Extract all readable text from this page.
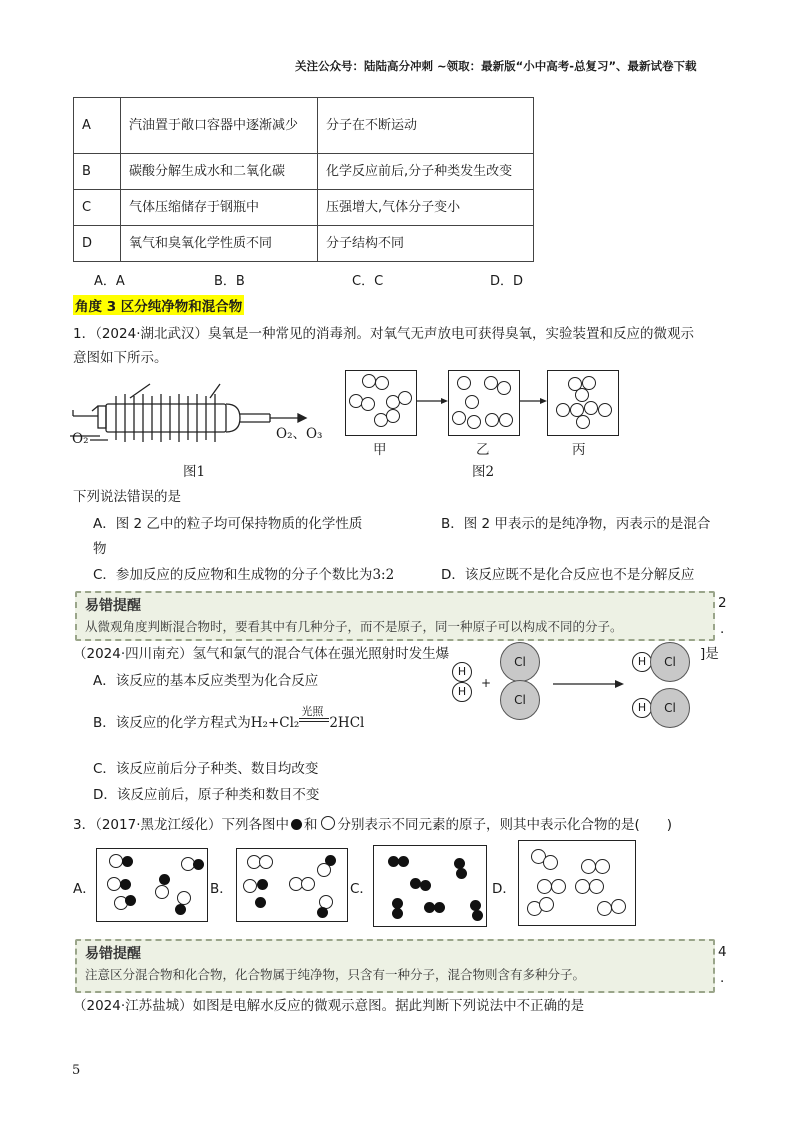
关注公众号：陆陆高分冲刺 ~领取：最新版“小中高考-总复习”、最新试卷下载
A	汽油置于敞口容器中逐渐减少	分子在不断运动
B	碳酸分解生成水和二氧化碳	化学反应前后,分子种类发生改变
C	气体压缩储存于钢瓶中	压强增大,气体分子变小
D	氧气和臭氧化学性质不同	分子结构不同
A．A	B．B	C．C	D．D
角度 3 区分纯净物和混合物
1．（2024·湖北武汉）臭氧是一种常见的消毒剂。对氧气无声放电可获得臭氧，实验装置和反应的微观示
意图如下所示。
O₂	O₂、O₃
图1
甲	乙	丙
图2
下列说法错误的是
A．图 2 乙中的粒子均可保持物质的化学性质	B．图 2 甲表示的是纯净物，丙表示的是混合
物
C．参加反应的反应物和生成物的分子个数比为3:2	D．该反应既不是化合反应也不是分解反应
易错提醒
从微观角度判断混合物时，要看其中有几种分子，而不是原子，同一种原子可以构成不同的分子。
2
.
（2024·四川南充）氢气和氯气的混合气体在强光照射时发生爆	]是
A．该反应的基本反应类型为化合反应
B．该反应的化学方程式为H₂+Cl₂
光照
2HCl
C．该反应前后分子种类、数目均改变
D．该反应前后，原子种类和数目不变
H
H
+
Cl
Cl
H	Cl
H	Cl
3．（2017·黑龙江绥化）下列各图中 和 分别表示不同元素的原子，则其中表示化合物的是(　　)
A．	B．	C．	D．
易错提醒
注意区分混合物和化合物，化合物属于纯净物，只含有一种分子，混合物则含有多种分子。
4
.
（2024·江苏盐城）如图是电解水反应的微观示意图。据此判断下列说法中不正确的是
5
